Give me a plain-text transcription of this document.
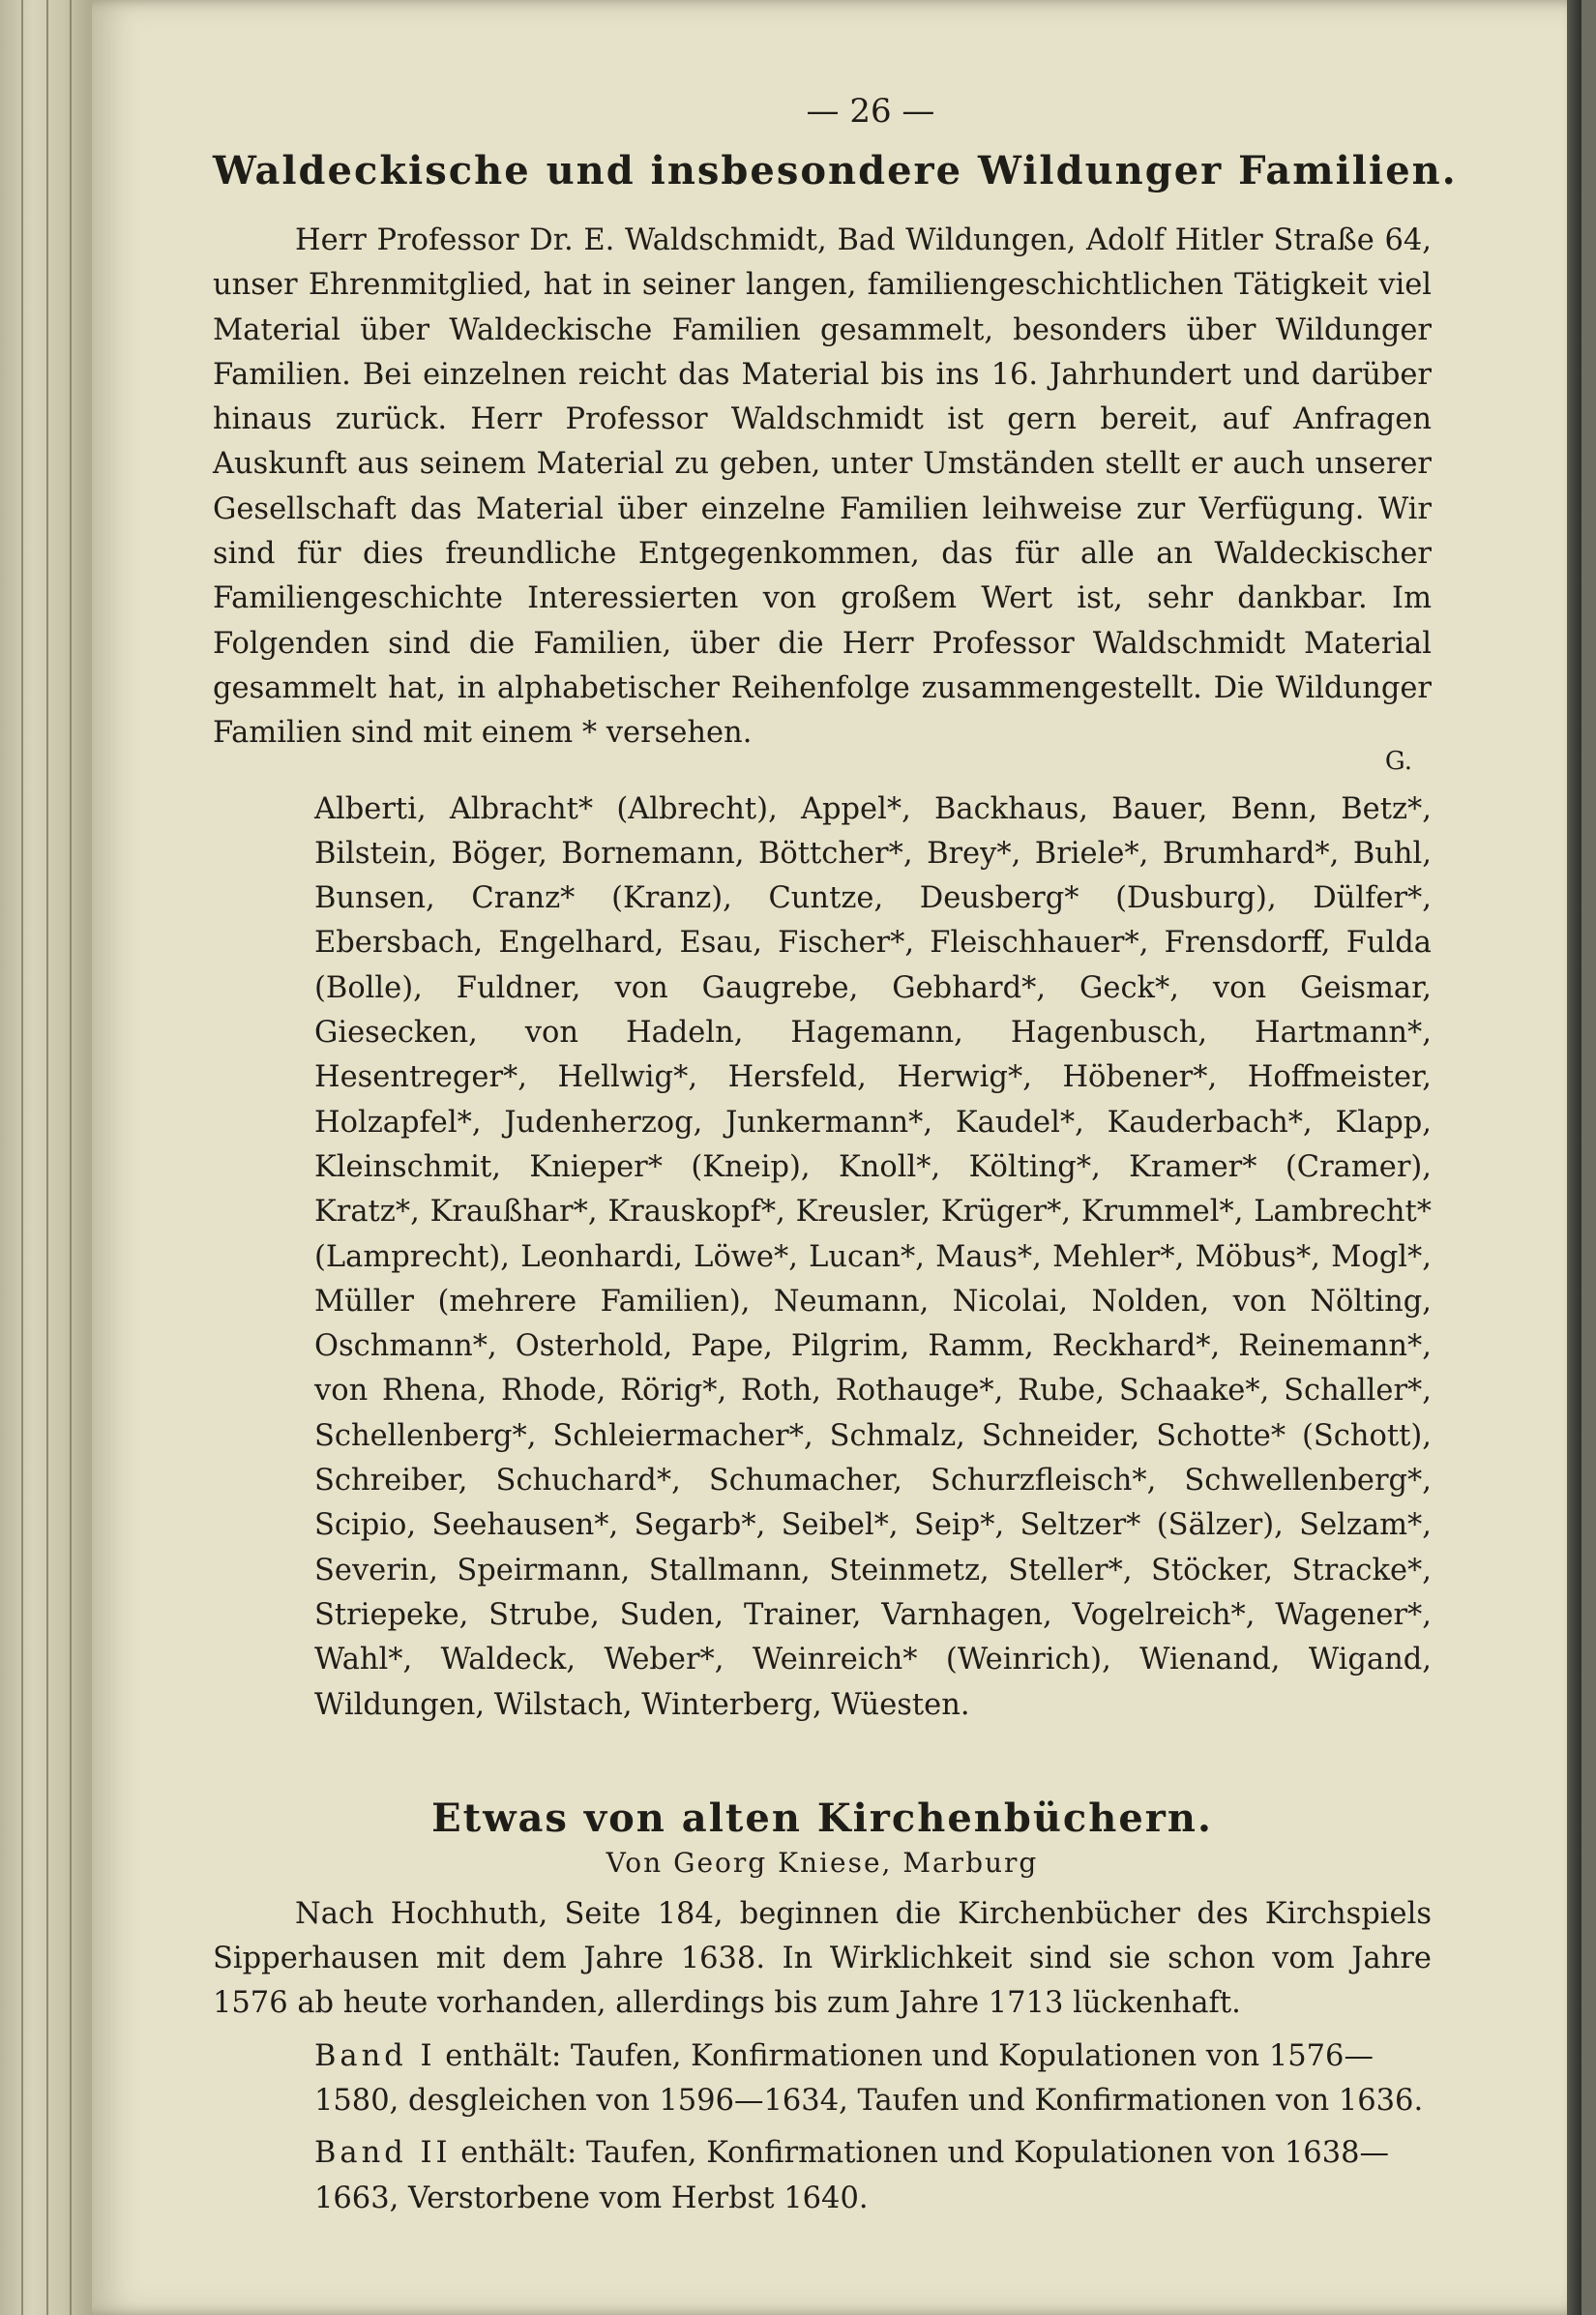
— 26 —
Waldeckische und insbesondere Wildunger Familien.

Herr Professor Dr. E. Waldschmidt, Bad Wildungen, Adolf Hitler Straße 64, unser Ehrenmitglied, hat in seiner langen, familiengeschichtlichen Tätigkeit viel Material über Waldeckische Familien gesammelt, besonders über Wildunger Familien. Bei einzelnen reicht das Material bis ins 16. Jahrhundert und darüber hinaus zurück. Herr Professor Waldschmidt ist gern bereit, auf Anfragen Auskunft aus seinem Material zu geben, unter Umständen stellt er auch unserer Gesellschaft das Material über einzelne Familien leihweise zur Verfügung. Wir sind für dies freundliche Entgegenkommen, das für alle an Waldeckischer Familiengeschichte Interessierten von großem Wert ist, sehr dankbar. Im Folgenden sind die Familien, über die Herr Professor Waldschmidt Material gesammelt hat, in alphabetischer Reihenfolge zusammengestellt. Die Wildunger Familien sind mit einem * versehen.

G.

Alberti, Albracht* (Albrecht), Appel*, Backhaus, Bauer, Benn, Betz*, Bilstein, Böger, Bornemann, Böttcher*, Brey*, Briele*, Brumhard*, Buhl, Bunsen, Cranz* (Kranz), Cuntze, Deusberg* (Dusburg), Dülfer*, Ebersbach, Engelhard, Esau, Fischer*, Fleischhauer*, Frensdorff, Fulda (Bolle), Fuldner, von Gaugrebe, Gebhard*, Geck*, von Geismar, Giesecken, von Hadeln, Hagemann, Hagenbusch, Hartmann*, Hesentreger*, Hellwig*, Hersfeld, Herwig*, Höbener*, Hoffmeister, Holzapfel*, Judenherzog, Junkermann*, Kaudel*, Kauderbach*, Klapp, Kleinschmit, Knieper* (Kneip), Knoll*, Költing*, Kramer* (Cramer), Kratz*, Kraußhar*, Krauskopf*, Kreusler, Krüger*, Krummel*, Lambrecht* (Lamprecht), Leonhardi, Löwe*, Lucan*, Maus*, Mehler*, Möbus*, Mogl*, Müller (mehrere Familien), Neumann, Nicolai, Nolden, von Nölting, Oschmann*, Osterhold, Pape, Pilgrim, Ramm, Reckhard*, Reinemann*, von Rhena, Rhode, Rörig*, Roth, Rothauge*, Rube, Schaake*, Schaller*, Schellenberg*, Schleiermacher*, Schmalz, Schneider, Schotte* (Schott), Schreiber, Schuchard*, Schumacher, Schurzfleisch*, Schwellenberg*, Scipio, Seehausen*, Segarb*, Seibel*, Seip*, Seltzer* (Sälzer), Selzam*, Severin, Speirmann, Stallmann, Steinmetz, Steller*, Stöcker, Stracke*, Striepeke, Strube, Suden, Trainer, Varnhagen, Vogelreich*, Wagener*, Wahl*, Waldeck, Weber*, Weinreich* (Weinrich), Wienand, Wigand, Wildungen, Wilstach, Winterberg, Wüesten.

Etwas von alten Kirchenbüchern.
Von Georg Kniese, Marburg

Nach Hochhuth, Seite 184, beginnen die Kirchenbücher des Kirchspiels Sipperhausen mit dem Jahre 1638. In Wirklichkeit sind sie schon vom Jahre 1576 ab heute vorhanden, allerdings bis zum Jahre 1713 lückenhaft.

Band I enthält: Taufen, Konfirmationen und Kopulationen von 1576—1580, desgleichen von 1596—1634, Taufen und Konfirmationen von 1636.

Band II enthält: Taufen, Konfirmationen und Kopulationen von 1638—1663, Verstorbene vom Herbst 1640.
